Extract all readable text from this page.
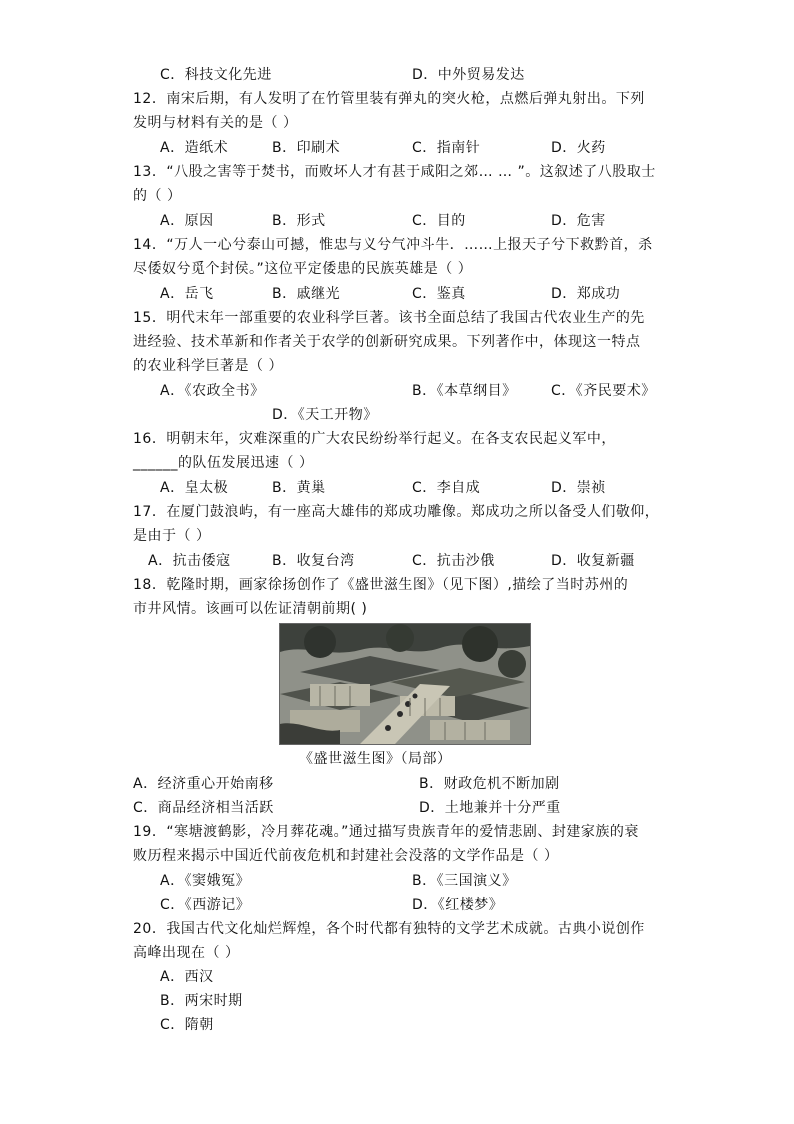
C．科技文化先进	D．中外贸易发达
12．南宋后期，有人发明了在竹管里装有弹丸的突火枪，点燃后弹丸射出。下列
发明与材料有关的是（ ）
A．造纸术	B．印刷术	C．指南针	D．火药
13．“八股之害等于焚书，而败坏人才有甚于咸阳之郊… … ”。这叙述了八股取士
的（ ）
A．原因	B．形式	C．目的	D．危害
14．“万人一心兮泰山可撼，惟忠与义兮气冲斗牛．……上报天子兮下救黔首，杀
尽倭奴兮觅个封侯。”这位平定倭患的民族英雄是（ ）
A．岳飞	B．戚继光	C．鉴真	D．郑成功
15．明代末年一部重要的农业科学巨著。该书全面总结了我国古代农业生产的先
进经验、技术革新和作者关于农学的创新研究成果。下列著作中，体现这一特点
的农业科学巨著是（ ）
A．《农政全书》	B．《本草纲目》 C．《齐民要术》
D．《天工开物》
16．明朝末年，灾难深重的广大农民纷纷举行起义。在各支农民起义军中，
______的队伍发展迅速（ ）
A．皇太极	B．黄巢	C．李自成	D．崇祯
17．在厦门鼓浪屿，有一座高大雄伟的郑成功雕像。郑成功之所以备受人们敬仰，
是由于（ ）
A．抗击倭寇	B．收复台湾	C．抗击沙俄	D．收复新疆
18．乾隆时期，画家徐扬创作了《盛世滋生图》（见下图）,描绘了当时苏州的
市井风情。该画可以佐证清朝前期( )
《盛世滋生图》（局部）
A．经济重心开始南移	B．财政危机不断加剧
C．商品经济相当活跃	D．土地兼并十分严重
19．“寒塘渡鹤影，冷月葬花魂。”通过描写贵族青年的爱情悲剧、封建家族的衰
败历程来揭示中国近代前夜危机和封建社会没落的文学作品是（ ）
A．《窦娥冤》	B．《三国演义》
C．《西游记》	D．《红楼梦》
20．我国古代文化灿烂辉煌，各个时代都有独特的文学艺术成就。古典小说创作
高峰出现在（ ）
A．西汉
B．两宋时期
C．隋朝
